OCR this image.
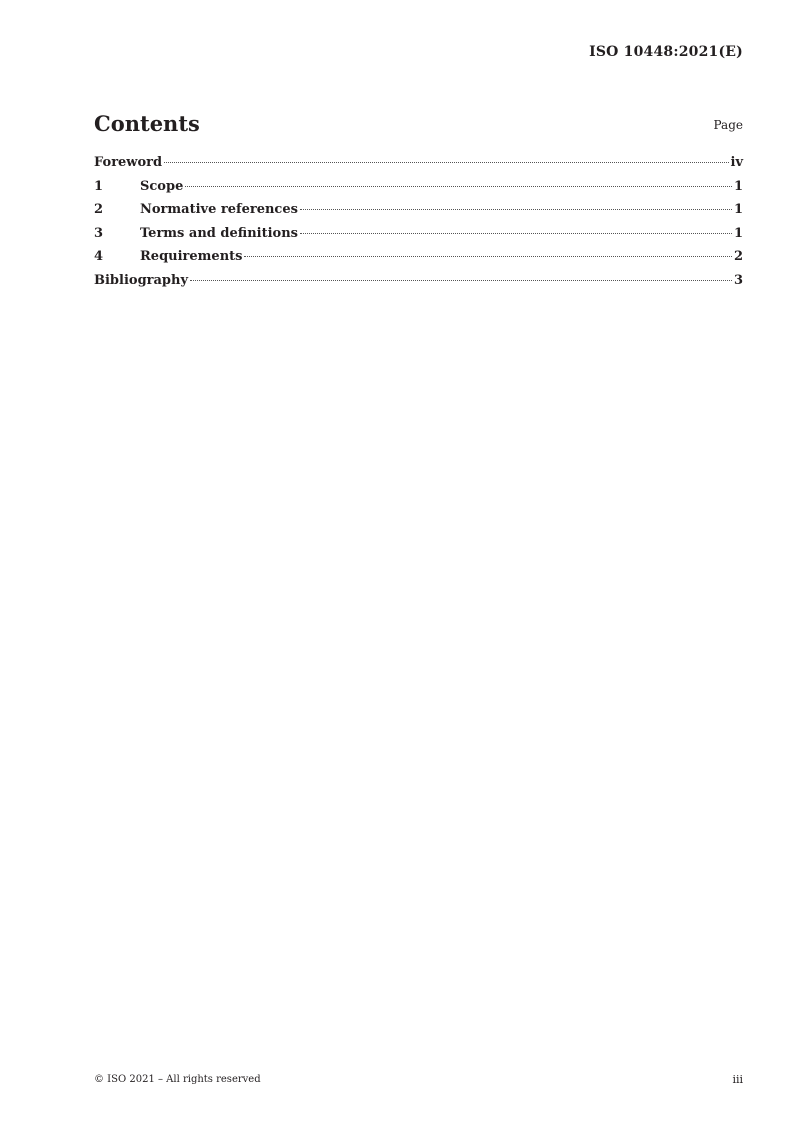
ISO 10448:2021(E)
Contents	Page
Foreword	iv
1	Scope	1
2	Normative references	1
3	Terms and definitions	1
4	Requirements	2
Bibliography	3
© ISO 2021 – All rights reserved	iii
